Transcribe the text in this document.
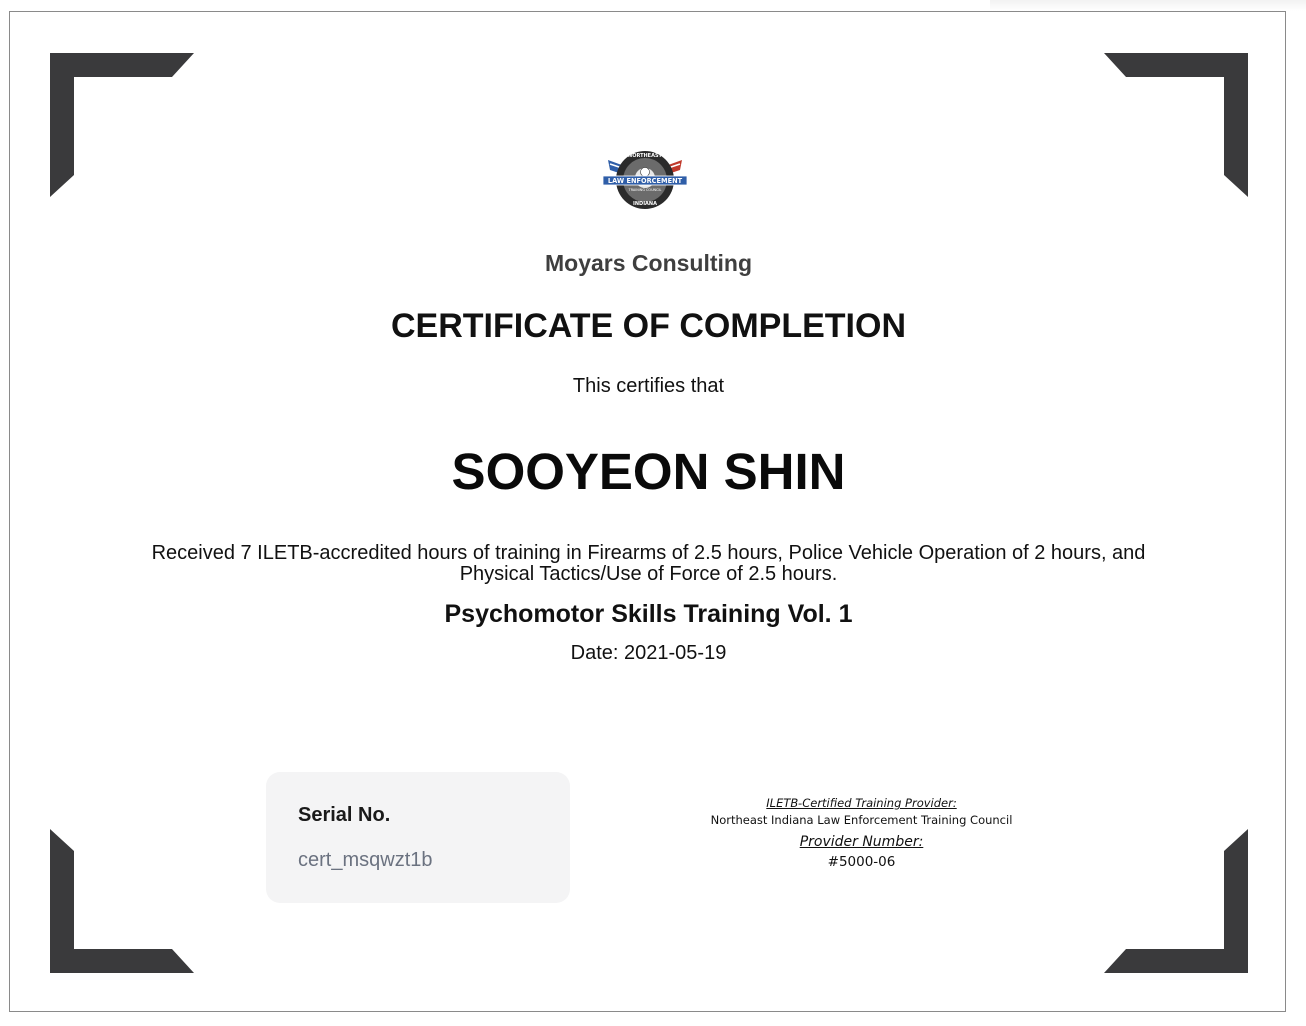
NORTHEAST
LAW ENFORCEMENT
TRAINING COUNCIL
INDIANA
Moyars Consulting
CERTIFICATE OF COMPLETION
This certifies that
SOOYEON SHIN
Received 7 ILETB-accredited hours of training in Firearms of 2.5 hours, Police Vehicle Operation of 2 hours, and Physical Tactics/Use of Force of 2.5 hours.
Psychomotor Skills Training Vol. 1
Date: 2021-05-19
Serial No.
cert_msqwzt1b
ILETB-Certified Training Provider:
Northeast Indiana Law Enforcement Training Council
Provider Number:
#5000-06
